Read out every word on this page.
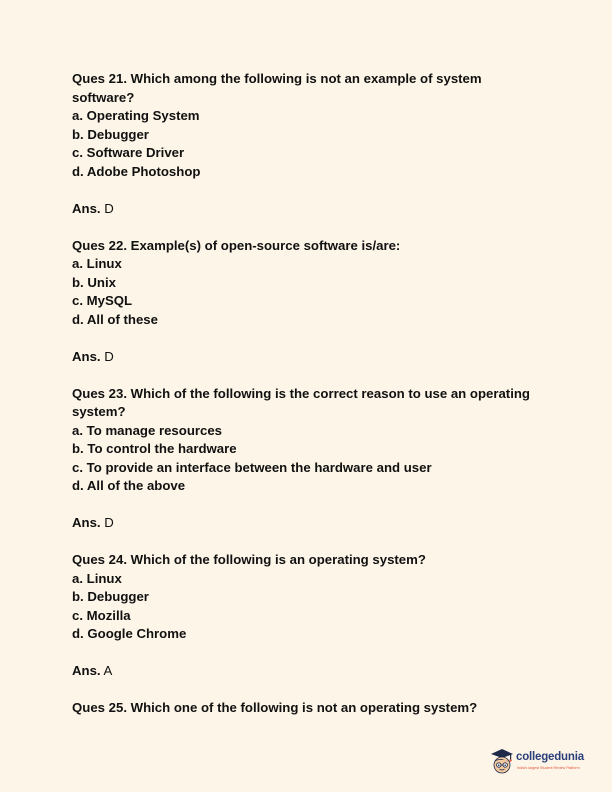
Ques 21. Which among the following is not an example of system software?

a. Operating System

b. Debugger

c. Software Driver

d. Adobe Photoshop

Ans. D

Ques 22. Example(s) of open-source software is/are:

a. Linux

b. Unix

c. MySQL

d. All of these

Ans. D

Ques 23. Which of the following is the correct reason to use an operating system?

a. To manage resources

b. To control the hardware

c. To provide an interface between the hardware and user

d. All of the above

Ans. D

Ques 24. Which of the following is an operating system?

a. Linux

b. Debugger

c. Mozilla

d. Google Chrome

Ans. A

Ques 25. Which one of the following is not an operating system?

collegedunia
India's largest Student Review Platform
